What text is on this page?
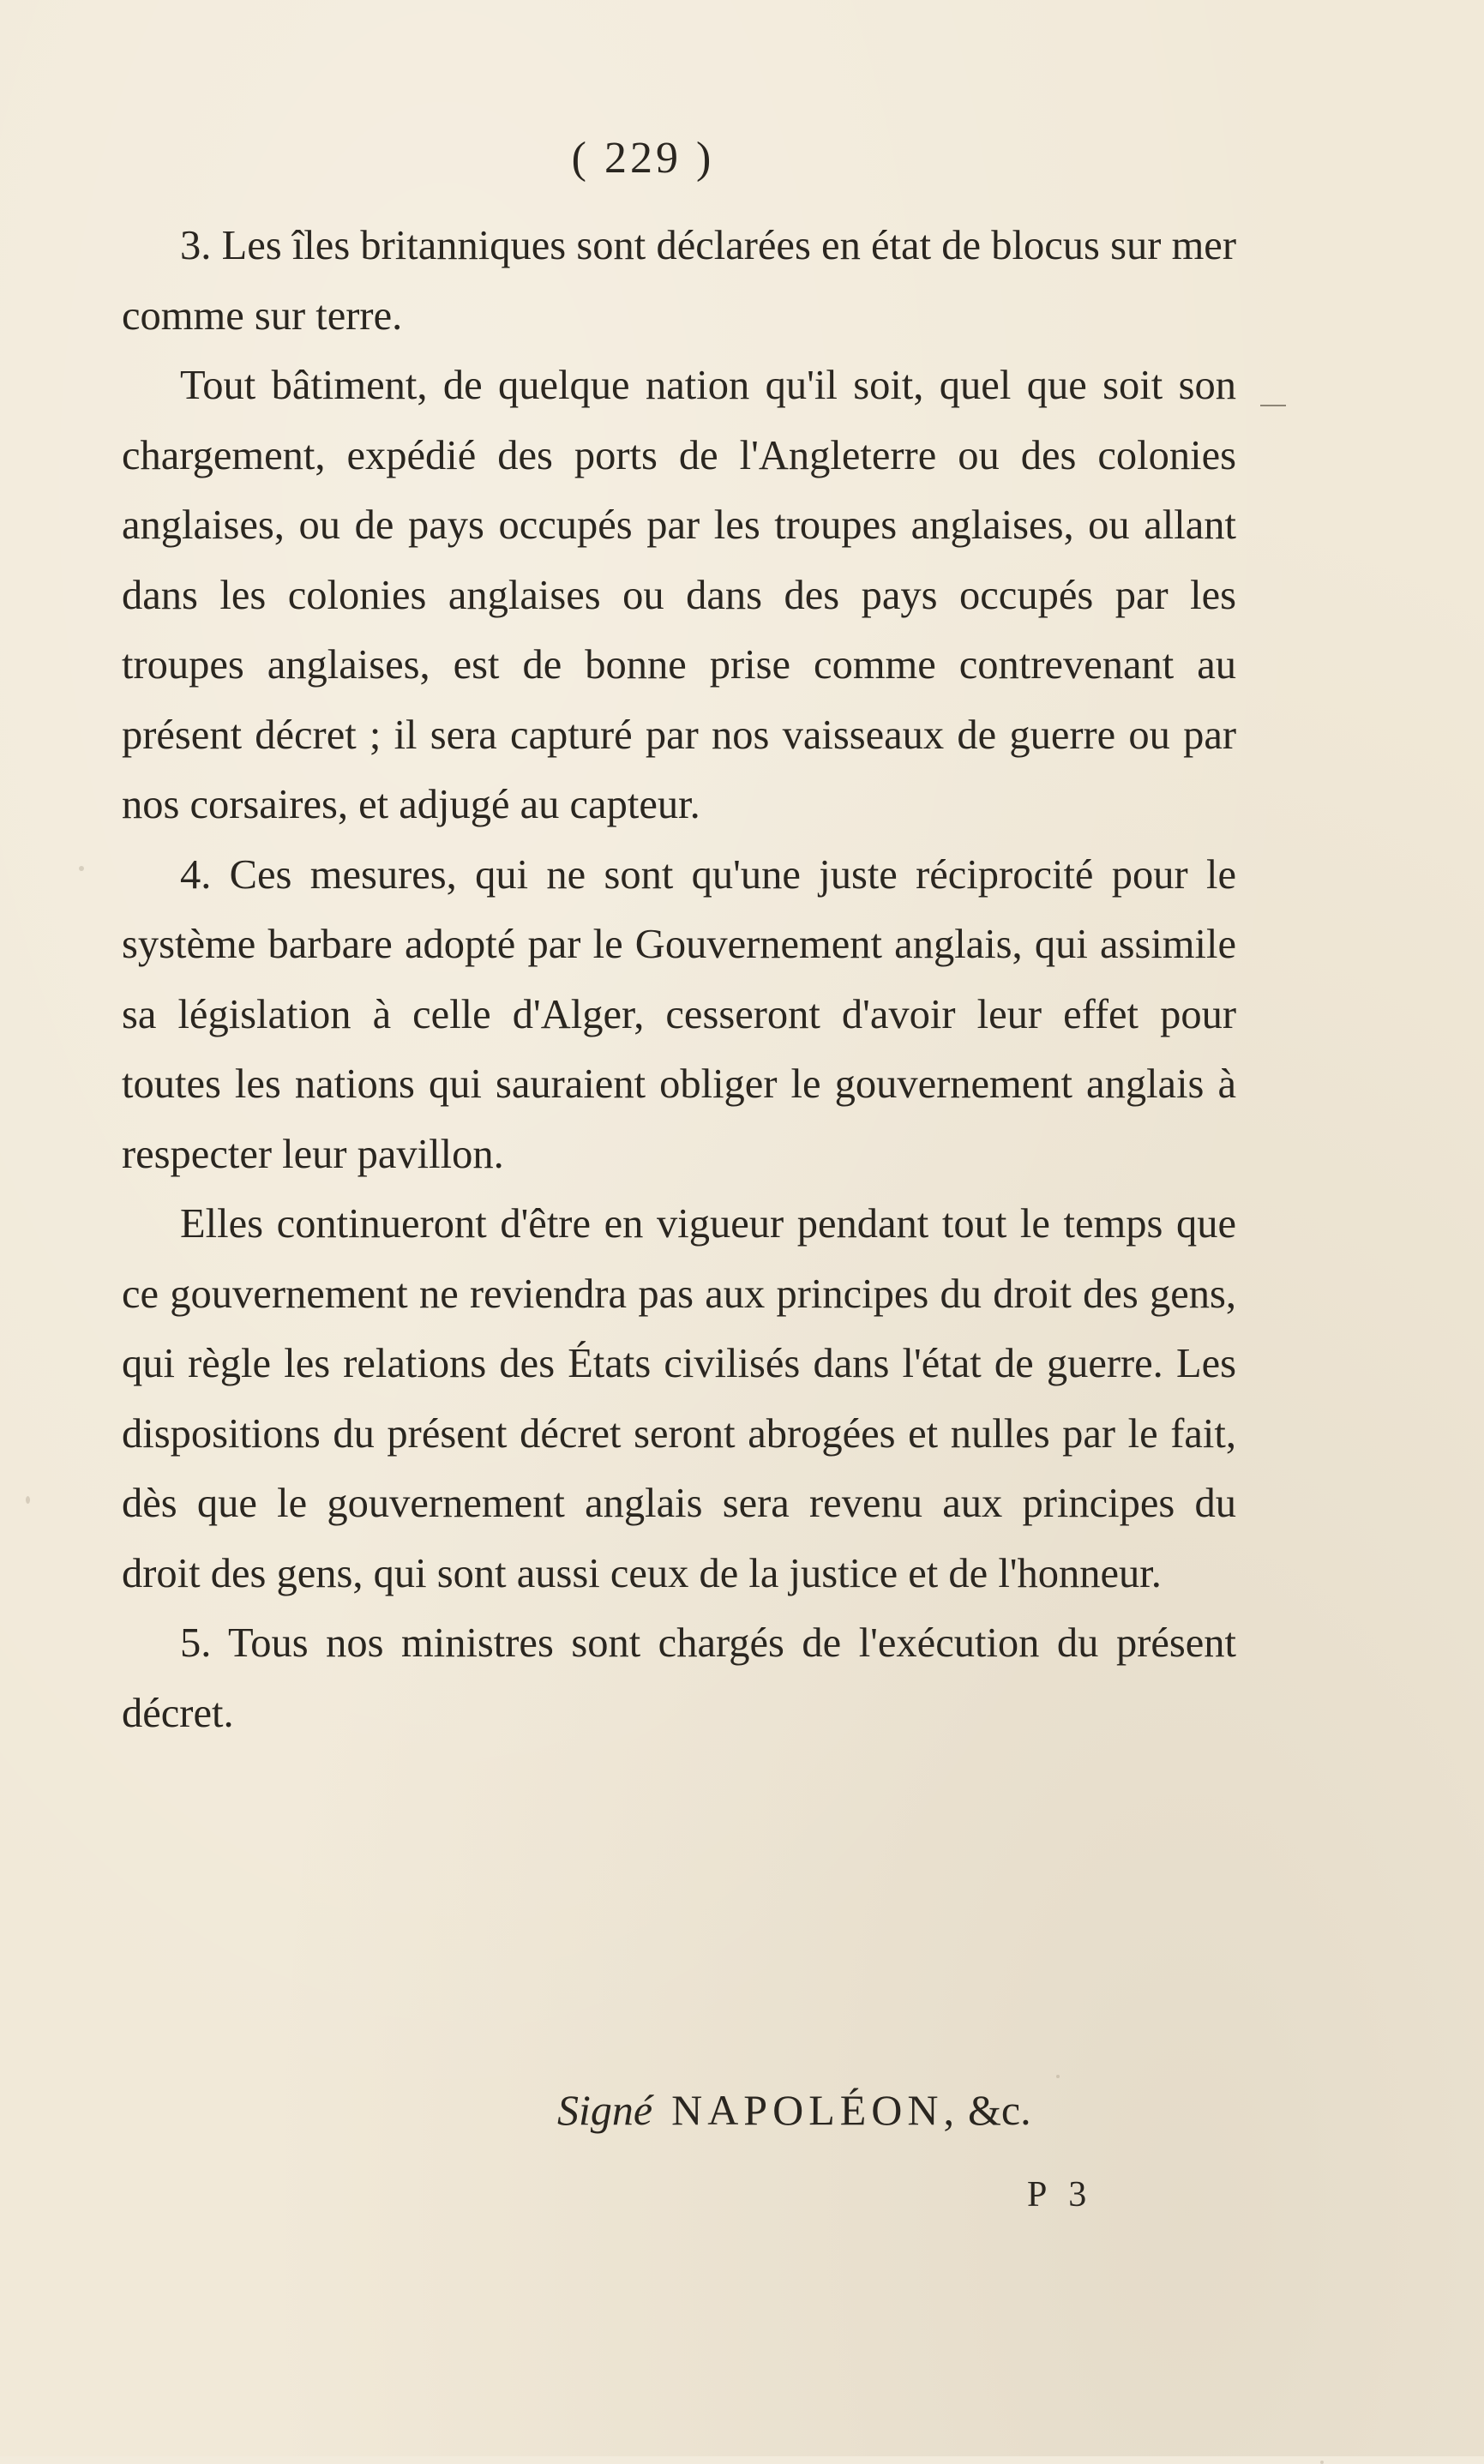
( 229 )

3. Les îles britanniques sont déclarées en état de blocus sur mer comme sur terre.

Tout bâtiment, de quelque nation qu'il soit, quel que soit son chargement, expédié des ports de l'Angleterre ou des colonies anglaises, ou de pays occupés par les troupes anglaises, ou allant dans les colonies anglaises ou dans des pays occupés par les troupes anglaises, est de bonne prise comme contrevenant au présent décret ; il sera capturé par nos vaisseaux de guerre ou par nos corsaires, et adjugé au capteur.

4. Ces mesures, qui ne sont qu'une juste réciprocité pour le système barbare adopté par le Gouvernement anglais, qui assimile sa législation à celle d'Alger, cesseront d'avoir leur effet pour toutes les nations qui sauraient obliger le gouvernement anglais à respecter leur pavillon.

Elles continueront d'être en vigueur pendant tout le temps que ce gouvernement ne reviendra pas aux principes du droit des gens, qui règle les relations des États civilisés dans l'état de guerre. Les dispositions du présent décret seront abrogées et nulles par le fait, dès que le gouvernement anglais sera revenu aux principes du droit des gens, qui sont aussi ceux de la justice et de l'honneur.

5. Tous nos ministres sont chargés de l'exécution du présent décret.

Signé NAPOLÉON, &c.
P 3
